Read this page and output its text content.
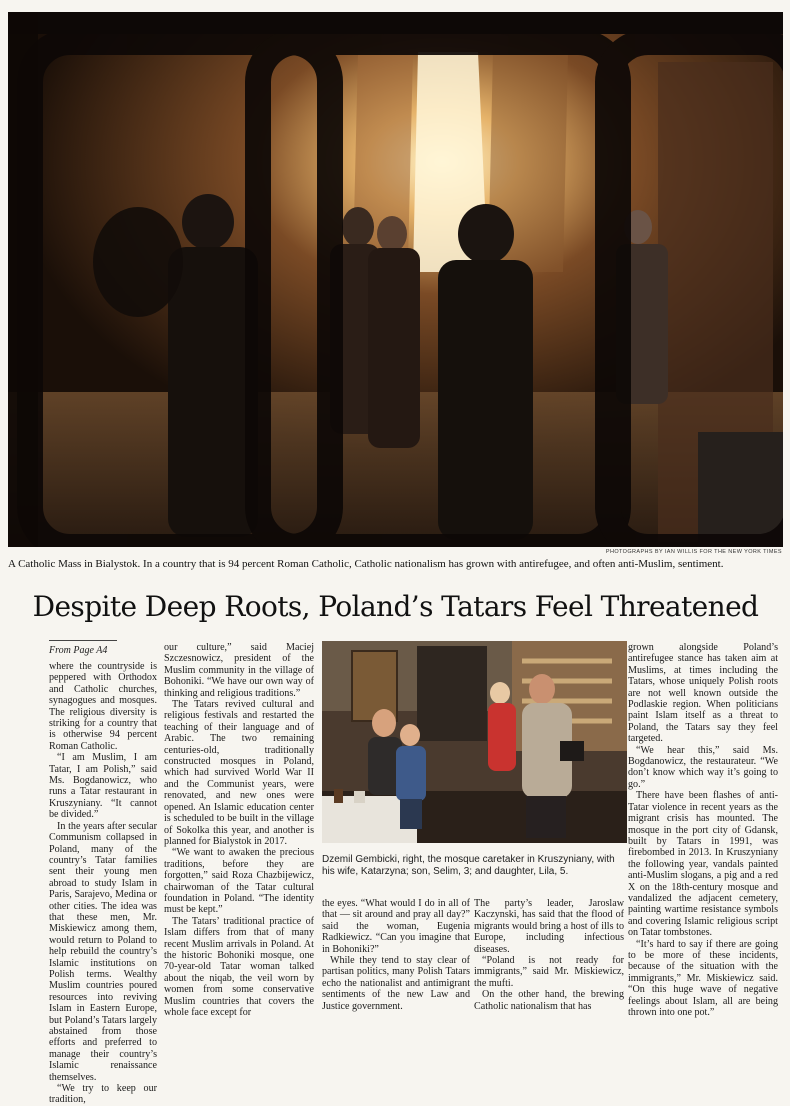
PHOTOGRAPHS BY IAN WILLIS FOR THE NEW YORK TIMES
A Catholic Mass in Bialystok. In a country that is 94 percent Roman Catholic, Catholic nationalism has grown with antirefugee, and often anti-Muslim, sentiment.
Despite Deep Roots, Poland’s Tatars Feel Threatened
From Page A4

where the countryside is peppered with Orthodox and Catholic churches, synagogues and mosques. The religious diversity is striking for a country that is otherwise 94 percent Roman Catholic.

“I am Muslim, I am Tatar, I am Polish,” said Ms. Bogdanowicz, who runs a Tatar restaurant in Kruszyniany. “It cannot be divided.”

In the years after secular Communism collapsed in Poland, many of the country’s Tatar families sent their young men abroad to study Islam in Paris, Sarajevo, Medina or other cities. The idea was that these men, Mr. Miskiewicz among them, would return to Poland to help rebuild the country’s Islamic institutions on Polish terms. Wealthy Muslim countries poured resources into reviving Islam in Eastern Europe, but Poland’s Tatars largely abstained from those efforts and preferred to manage their country’s Islamic renaissance themselves.

“We try to keep our tradition,

our culture,” said Maciej Szczesnowicz, president of the Muslim community in the village of Bohoniki. “We have our own way of thinking and religious traditions.”

The Tatars revived cultural and religious festivals and restarted the teaching of their language and of Arabic. The two remaining centuries-old, traditionally constructed mosques in Poland, which had survived World War II and the Communist years, were renovated, and new ones were opened. An Islamic education center is scheduled to be built in the village of Sokolka this year, and another is planned for Bialystok in 2017.

“We want to awaken the precious traditions, before they are forgotten,” said Roza Chazbijewicz, chairwoman of the Tatar cultural foundation in Poland. “The identity must be kept.”

The Tatars’ traditional practice of Islam differs from that of many recent Muslim arrivals in Poland. At the historic Bohoniki mosque, one 70-year-old Tatar woman talked about the niqab, the veil worn by women from some conservative Muslim countries that covers the whole face except for

Dzemil Gembicki, right, the mosque caretaker in Kruszyniany, with his wife, Katarzyna; son, Selim, 3; and daughter, Lila, 5.

the eyes. “What would I do in all of that — sit around and pray all day?” said the woman, Eugenia Radkiewicz. “Can you imagine that in Bohoniki?”

While they tend to stay clear of partisan politics, many Polish Tatars echo the nationalist and antimigrant sentiments of the new Law and Justice government.

The party’s leader, Jaroslaw Kaczynski, has said that the flood of migrants would bring a host of ills to Europe, including infectious diseases.

“Poland is not ready for immigrants,” said Mr. Miskiewicz, the mufti.

On the other hand, the brewing Catholic nationalism that has

grown alongside Poland’s antirefugee stance has taken aim at Muslims, at times including the Tatars, whose uniquely Polish roots are not well known outside the Podlaskie region. When politicians paint Islam itself as a threat to Poland, the Tatars say they feel targeted.

“We hear this,” said Ms. Bogdanowicz, the restaurateur. “We don’t know which way it’s going to go.”

There have been flashes of anti-Tatar violence in recent years as the migrant crisis has mounted. The mosque in the port city of Gdansk, built by Tatars in 1991, was firebombed in 2013. In Kruszyniany the following year, vandals painted anti-Muslim slogans, a pig and a red X on the 18th-century mosque and vandalized the adjacent cemetery, painting wartime resistance symbols and covering Islamic religious script on Tatar tombstones.

“It’s hard to say if there are going to be more of these incidents, because of the situation with the immigrants,” Mr. Miskiewicz said. “On this huge wave of negative feelings about Islam, all are being thrown into one pot.”
